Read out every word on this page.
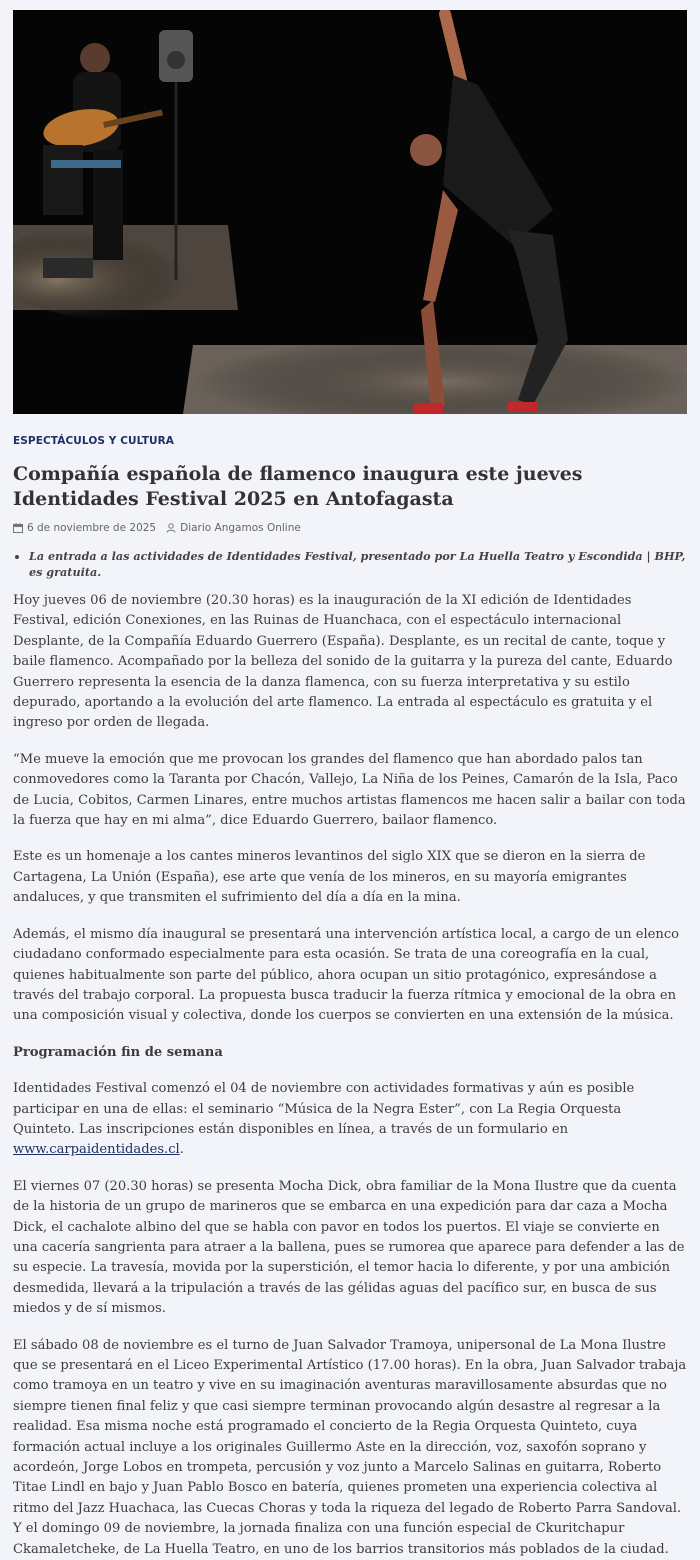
ESPECTÁCULOS Y CULTURA
Compañía española de flamenco inaugura este jueves Identidades Festival 2025 en Antofagasta
6 de noviembre de 2025 Diario Angamos Online
• La entrada a las actividades de Identidades Festival, presentado por La Huella Teatro y Escondida | BHP, es gratuita.

Hoy jueves 06 de noviembre (20.30 horas) es la inauguración de la XI edición de Identidades Festival, edición Conexiones, en las Ruinas de Huanchaca, con el espectáculo internacional Desplante, de la Compañía Eduardo Guerrero (España). Desplante, es un recital de cante, toque y baile flamenco. Acompañado por la belleza del sonido de la guitarra y la pureza del cante, Eduardo Guerrero representa la esencia de la danza flamenca, con su fuerza interpretativa y su estilo depurado, aportando a la evolución del arte flamenco. La entrada al espectáculo es gratuita y el ingreso por orden de llegada.

“Me mueve la emoción que me provocan los grandes del flamenco que han abordado palos tan conmovedores como la Taranta por Chacón, Vallejo, La Niña de los Peines, Camarón de la Isla, Paco de Lucia, Cobitos, Carmen Linares, entre muchos artistas flamencos me hacen salir a bailar con toda la fuerza que hay en mi alma”, dice Eduardo Guerrero, bailaor flamenco.

Este es un homenaje a los cantes mineros levantinos del siglo XIX que se dieron en la sierra de Cartagena, La Unión (España), ese arte que venía de los mineros, en su mayoría emigrantes andaluces, y que transmiten el sufrimiento del día a día en la mina.

Además, el mismo día inaugural se presentará una intervención artística local, a cargo de un elenco ciudadano conformado especialmente para esta ocasión. Se trata de una coreografía en la cual, quienes habitualmente son parte del público, ahora ocupan un sitio protagónico, expresándose a través del trabajo corporal. La propuesta busca traducir la fuerza rítmica y emocional de la obra en una composición visual y colectiva, donde los cuerpos se convierten en una extensión de la música.

Programación fin de semana

Identidades Festival comenzó el 04 de noviembre con actividades formativas y aún es posible participar en una de ellas: el seminario “Música de la Negra Ester”, con La Regia Orquesta Quinteto. Las inscripciones están disponibles en línea, a través de un formulario en www.carpaidentidades.cl.

El viernes 07 (20.30 horas) se presenta Mocha Dick, obra familiar de la Mona Ilustre que da cuenta de la historia de un grupo de marineros que se embarca en una expedición para dar caza a Mocha Dick, el cachalote albino del que se habla con pavor en todos los puertos. El viaje se convierte en una cacería sangrienta para atraer a la ballena, pues se rumorea que aparece para defender a las de su especie. La travesía, movida por la superstición, el temor hacia lo diferente, y por una ambición desmedida, llevará a la tripulación a través de las gélidas aguas del pacífico sur, en busca de sus miedos y de sí mismos.

El sábado 08 de noviembre es el turno de Juan Salvador Tramoya, unipersonal de La Mona Ilustre que se presentará en el Liceo Experimental Artístico (17.00 horas). En la obra, Juan Salvador trabaja como tramoya en un teatro y vive en su imaginación aventuras maravillosamente absurdas que no siempre tienen final feliz y que casi siempre terminan provocando algún desastre al regresar a la realidad. Esa misma noche está programado el concierto de la Regia Orquesta Quinteto, cuya formación actual incluye a los originales Guillermo Aste en la dirección, voz, saxofón soprano y acordeón, Jorge Lobos en trompeta, percusión y voz junto a Marcelo Salinas en guitarra, Roberto Titae Lindl en bajo y Juan Pablo Bosco en batería, quienes prometen una experiencia colectiva al ritmo del Jazz Huachaca, las Cuecas Choras y toda la riqueza del legado de Roberto Parra Sandoval. Y el domingo 09 de noviembre, la jornada finaliza con una función especial de Ckuritchapur Ckamaletcheke, de La Huella Teatro, en uno de los barrios transitorios más poblados de la ciudad.
